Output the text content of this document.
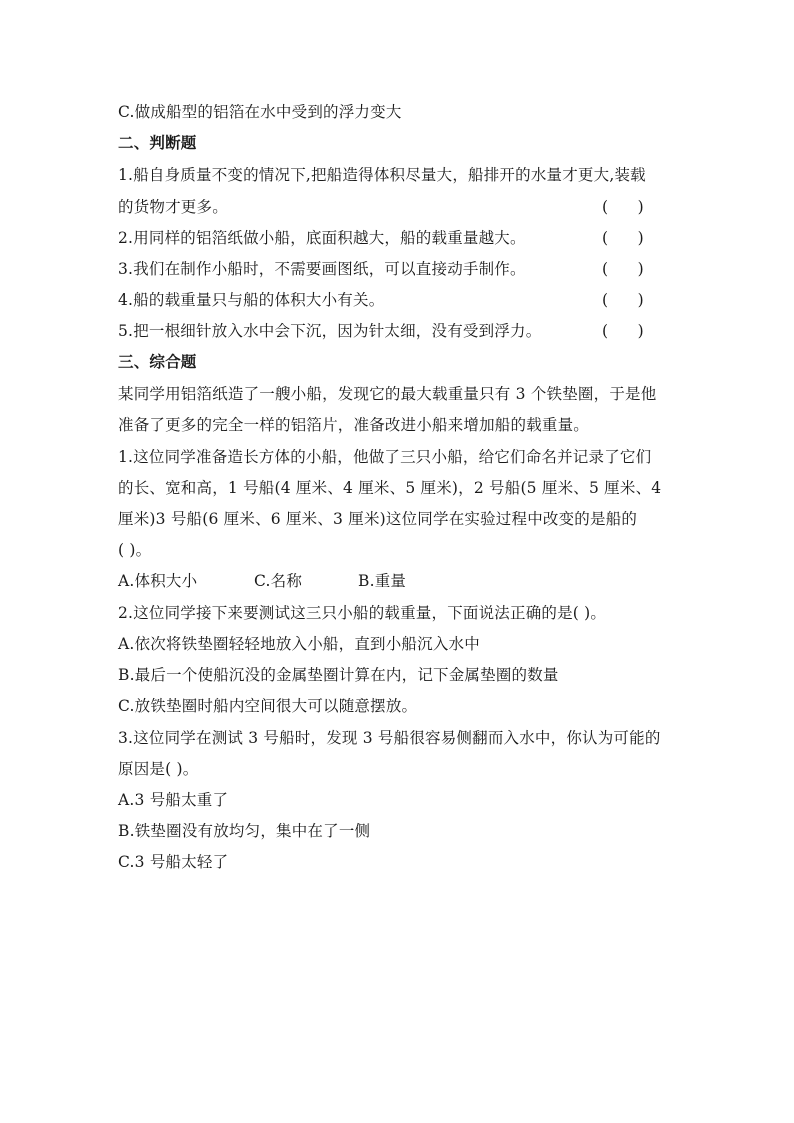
C.做成船型的铝箔在水中受到的浮力变大
二、判断题
1.船自身质量不变的情况下,把船造得体积尽量大，船排开的水量才更大,装载
的货物才更多。	(      )
2.用同样的铝箔纸做小船，底面积越大，船的载重量越大。	(      )
3.我们在制作小船时，不需要画图纸，可以直接动手制作。	(      )
4.船的载重量只与船的体积大小有关。	(      )
5.把一根细针放入水中会下沉，因为针太细，没有受到浮力。	(      )
三、综合题
某同学用铝箔纸造了一艘小船，发现它的最大载重量只有 3 个铁垫圈，于是他
准备了更多的完全一样的铝箔片，准备改进小船来增加船的载重量。
1.这位同学准备造长方体的小船，他做了三只小船，给它们命名并记录了它们
的长、宽和高，1 号船(4 厘米、4 厘米、5 厘米)，2 号船(5 厘米、5 厘米、4
厘米)3 号船(6 厘米、6 厘米、3 厘米)这位同学在实验过程中改变的是船的
( )。
A.体积大小	C.名称	B.重量
2.这位同学接下来要测试这三只小船的载重量，下面说法正确的是( )。
A.依次将铁垫圈轻轻地放入小船，直到小船沉入水中
B.最后一个使船沉没的金属垫圈计算在内，记下金属垫圈的数量
C.放铁垫圈时船内空间很大可以随意摆放。
3.这位同学在测试 3 号船时，发现 3 号船很容易侧翻而入水中，你认为可能的
原因是( )。
A.3 号船太重了
B.铁垫圈没有放均匀，集中在了一侧
C.3 号船太轻了
